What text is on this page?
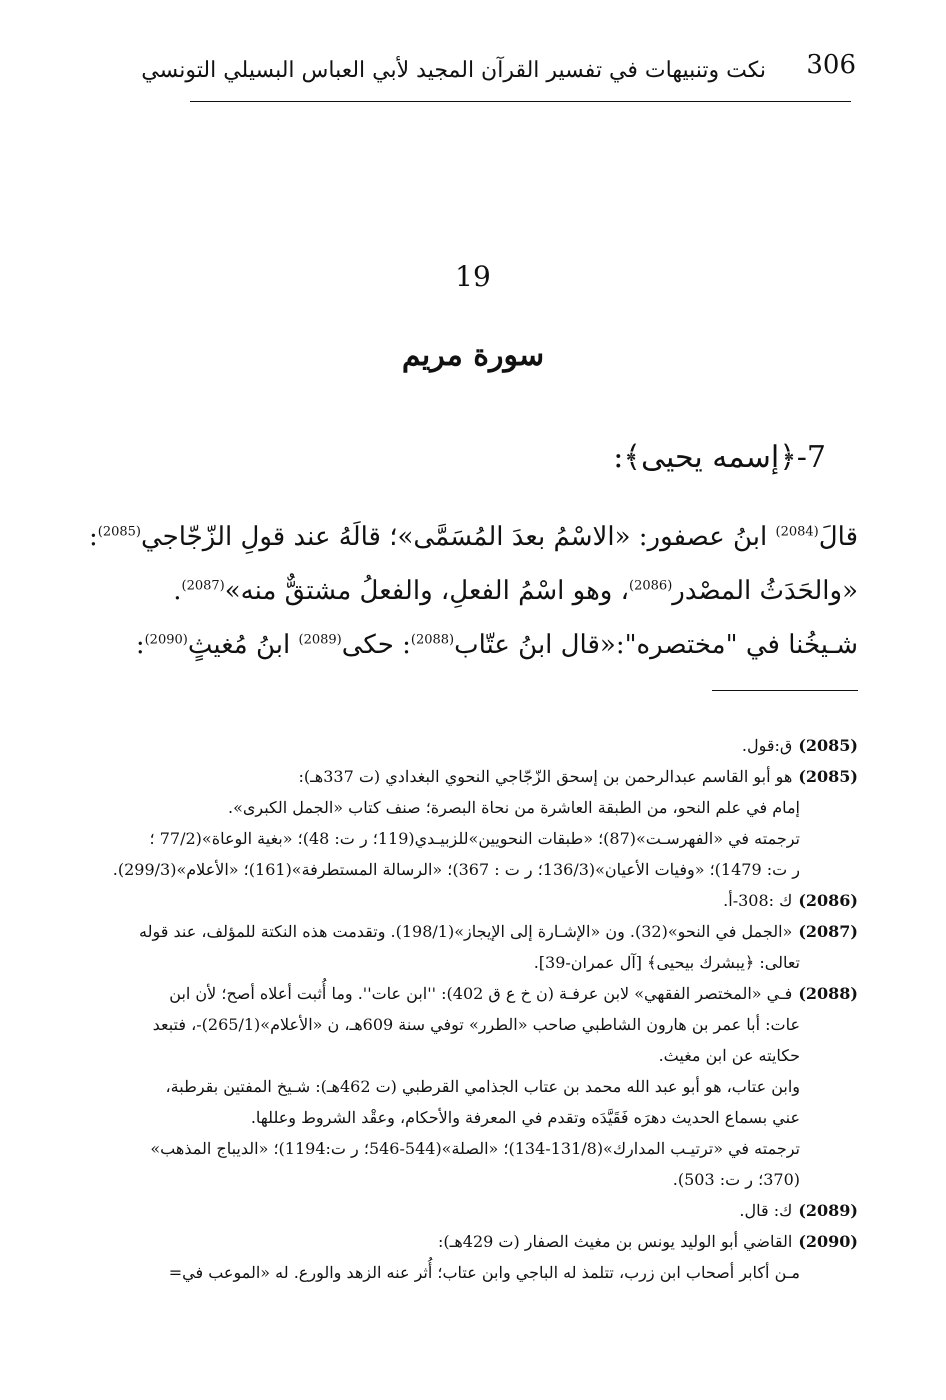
306
نكت وتنبيهات في تفسير القرآن المجيد لأبي العباس البسيلي التونسي
19
سورة مريم
7-﴿إسمه يحيى﴾:

قالَ$^{(2084)}$ ابنُ عصفور: «الاسْمُ بعدَ المُسَمَّى»؛ قالَهُ عند قولِ الزّجّاجي$^{(2085)}$:

«والحَدَثُ المصْدر$^{(2086)}$، وهو اسْمُ الفعلِ، والفعلُ مشتقٌّ منه»$^{(2087)}$.

شـيخُنا في "مختصره":«قال ابنُ عتّاب$^{(2088)}$: حكى$^{(2089)}$ ابنُ مُغيثٍ$^{(2090)}$:

(2085)ق:قول.

(2085)هو أبو القاسم عبدالرحمن بن إسحق الزّجّاجي النحوي البغدادي (ت 337هـ):

إمام في علم النحو، من الطبقة العاشرة من نحاة البصرة؛ صنف كتاب «الجمل الكبرى».

ترجمته في «الفهرسـت»(87)؛ «طبقات النحويين»للزبيـدي(119؛ ر ت: 48)؛ «بغية الوعاة»(77/2 ؛

ر ت: 1479)؛ «وفيات الأعيان»(136/3؛ ر ت : 367)؛ «الرسالة المستطرفة»(161)؛ «الأعلام»(299/3).

(2086)ك :308-أ.

(2087)«الجمل في النحو»(32). ون «الإشـارة إلى الإيجاز»(198/1). وتقدمت هذه النكتة للمؤلف، عند قوله

تعالى: ﴿يبشرك بيحيى﴾ [آل عمران-39].

(2088)فـي «المختصر الفقهي» لابن عرفـة (ن خ ع ق 402): ''ابن عات''. وما أُثبت أعلاه أصح؛ لأن ابن

عات: أبا عمر بن هارون الشاطبي صاحب «الطرر» توفي سنة 609هـ، ن «الأعلام»(265/1)-، فتبعد

حكايته عن ابن مغيث.

وابن عتاب، هو أبو عبد الله محمد بن عتاب الجذامي القرطبي (ت 462هـ): شـيخ المفتين بقرطبة،

عني بسماع الحديث دهرَه فَقَيَّدَه وتقدم في المعرفة والأحكام، وعقْد الشروط وعللها.

ترجمته في «ترتيـب المدارك»(131/8-134)؛ «الصلة»(544-546؛ ر ت:1194)؛ «الديباج المذهب»

(370؛ ر ت: 503).

(2089)ك: قال.

(2090)القاضي أبو الوليد يونس بن مغيث الصفار (ت 429هـ):

مـن أكابر أصحاب ابن زرب، تتلمذ له الباجي وابن عتاب؛ أُثر عنه الزهد والورع. له «الموعب في=
